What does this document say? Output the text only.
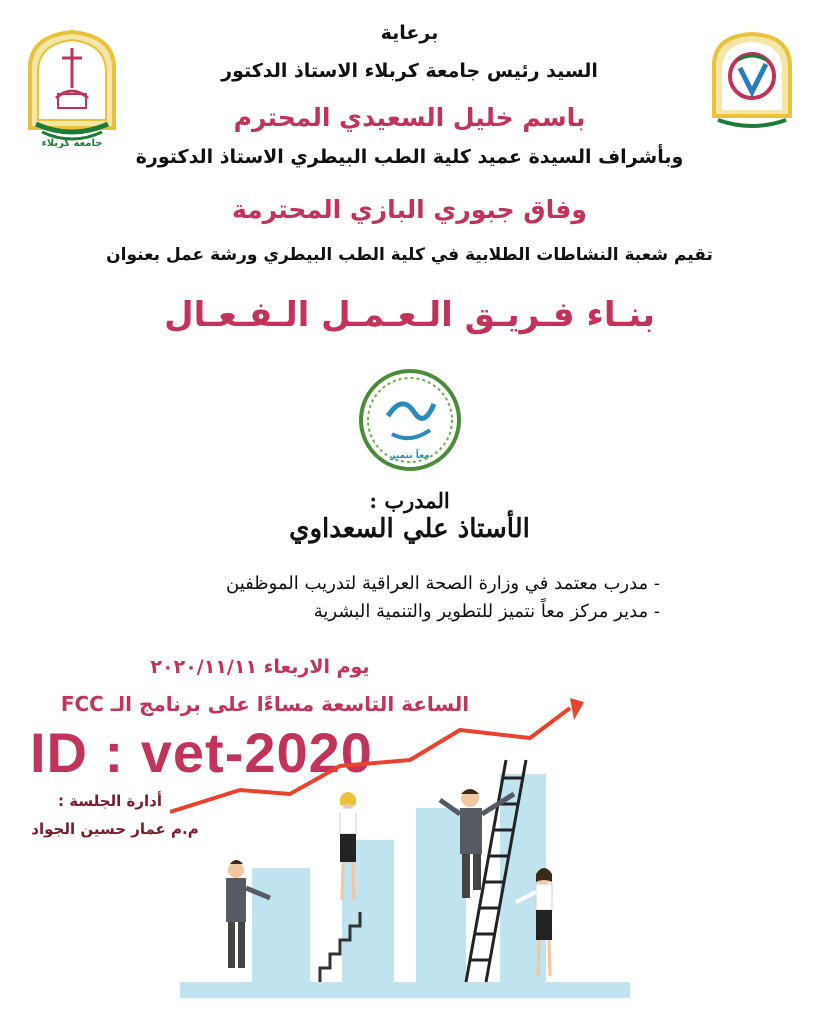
جامعة كربلاء
برعاية
السيد رئيس جامعة كربلاء الاستاذ الدكتور
باسم خليل السعيدي المحترم
وبأشراف السيدة عميد كلية الطب البيطري الاستاذ الدكتورة
وفاق جبوري البازي المحترمة
تقيم شعبة النشاطات الطلابية في كلية الطب البيطري ورشة عمل بعنوان
بنـاء فـريـق الـعـمـل الـفـعـال
معاً نتميز
المدرب :
الأستاذ علي السعداوي
- مدرب معتمد في وزارة الصحة العراقية لتدريب الموظفين
- مدير مركز معاً نتميز للتطوير والتنمية البشرية
يوم الاربعاء ٢٠٢٠/١١/١١
الساعة التاسعة مساءًا على برنامج الـ FCC
ID : vet-2020
أدارة الجلسة :
م.م عمار حسين الجواد
